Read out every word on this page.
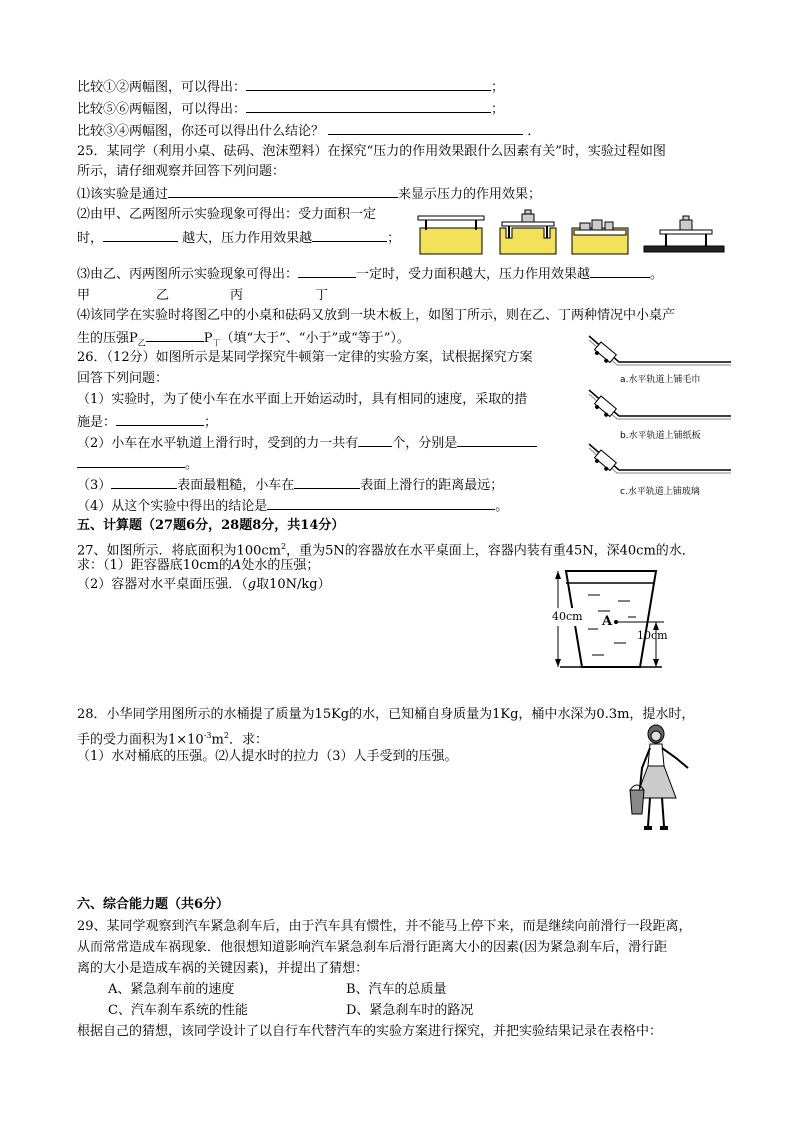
比较①②两幅图，可以得出：	；
比较⑤⑥两幅图，可以得出：	；
比较③④两幅图，你还可以得出什么结论？	．
25．某同学（利用小桌、砝码、泡沫塑料）在探究“压力的作用效果跟什么因素有关”时，实验过程如图
所示，请仔细观察并回答下列问题：
⑴该实验是通过	来显示压力的作用效果；
⑵由甲、乙两图所示实验现象可得出：受力面积一定
时，	越大，压力作用效果越	；
⑶由乙、丙两图所示实验现象可得出：	一定时，受力面积越大，压力作用效果越	。
甲	乙	丙	丁
⑷该同学在实验时将图乙中的小桌和砝码又放到一块木板上，如图丁所示，则在乙、丁两种情况中小桌产
生的压强$P_乙$	$P_丁$（填“大于”、“小于”或“等于”）。
26．（12分）如图所示是某同学探究牛顿第一定律的实验方案，试根据探究方案
回答下列问题：
（1）实验时，为了使小车在水平面上开始运动时，具有相同的速度，采取的措
施是：	；
（2）小车在水平轨道上滑行时，受到的力一共有	个，分别是
。
（3）	表面最粗糙，小车在	表面上滑行的距离最远；
（4）从这个实验中得出的结论是	。
a.水平轨道上铺毛巾
b.水平轨道上铺纸板
c.水平轨道上铺玻璃
五、计算题（27题6分，28题8分，共14分）
27、如图所示．将底面积为$100cm^2$，重为5N的容器放在水平桌面上，容器内装有重45N，深40cm的水．
求：（1）距容器底10cm的A处水的压强；
（2）容器对水平桌面压强．（g取10N/kg）
40cm A
10cm
28．小华同学用图所示的水桶提了质量为15Kg的水，已知桶自身质量为1Kg，桶中水深为0.3m，提水时，
手的受力面积为$1\times 10^{-3}m^2$．求：
（1）水对桶底的压强。⑵人提水时的拉力（3）人手受到的压强。
六、综合能力题（共6分）
29、某同学观察到汽车紧急刹车后，由于汽车具有惯性，并不能马上停下来，而是继续向前滑行一段距离，
从而常常造成车祸现象．他很想知道影响汽车紧急刹车后滑行距离大小的因素(因为紧急刹车后，滑行距
离的大小是造成车祸的关键因素)，并提出了猜想：
A、紧急刹车前的速度	B、汽车的总质量
C、汽车刹车系统的性能	D、紧急刹车时的路况
根据自己的猜想，该同学设计了以自行车代替汽车的实验方案进行探究，并把实验结果记录在表格中：
